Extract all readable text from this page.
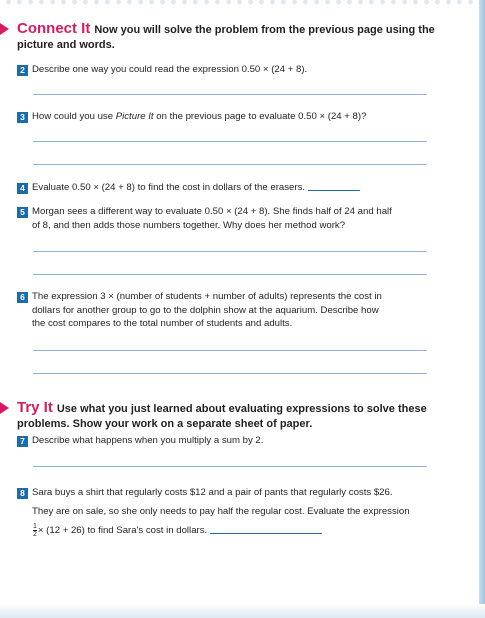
Connect It Now you will solve the problem from the previous page using the
picture and words.
2 Describe one way you could read the expression 0.50 × (24 + 8).
3 How could you use Picture It on the previous page to evaluate 0.50 × (24 + 8)?
4 Evaluate 0.50 × (24 + 8) to find the cost in dollars of the erasers.
5 Morgan sees a different way to evaluate 0.50 × (24 + 8). She finds half of 24 and half
of 8, and then adds those numbers together. Why does her method work?
6 The expression 3 × (number of students + number of adults) represents the cost in
dollars for another group to go to the dolphin show at the aquarium. Describe how
the cost compares to the total number of students and adults.
Try It Use what you just learned about evaluating expressions to solve these
problems. Show your work on a separate sheet of paper.
7 Describe what happens when you multiply a sum by 2.
8 Sara buys a shirt that regularly costs $12 and a pair of pants that regularly costs $26.
They are on sale, so she only needs to pay half the regular cost. Evaluate the expression

$\frac{1}{2} \times (12 + 26)$ to find Sara's cost in dollars.
